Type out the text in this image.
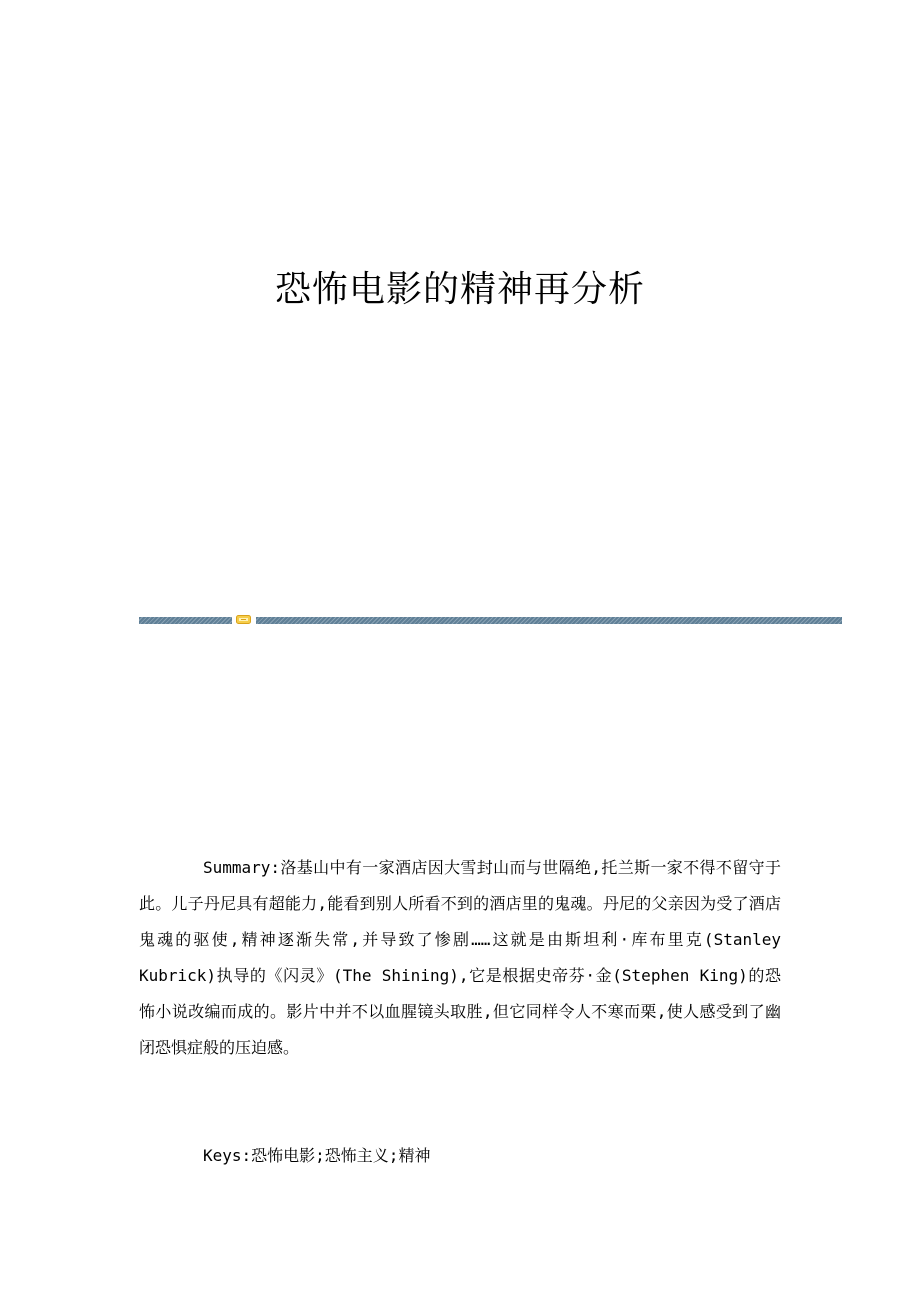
恐怖电影的精神再分析

Summary:洛基山中有一家酒店因大雪封山而与世隔绝,托兰斯一家不得不留守于此。儿子丹尼具有超能力,能看到别人所看不到的酒店里的鬼魂。丹尼的父亲因为受了酒店鬼魂的驱使,精神逐渐失常,并导致了惨剧……这就是由斯坦利·库布里克(Stanley Kubrick)执导的《闪灵》(The Shining),它是根据史帝芬·金(Stephen King)的恐怖小说改编而成的。影片中并不以血腥镜头取胜,但它同样令人不寒而栗,使人感受到了幽闭恐惧症般的压迫感。

Keys:恐怖电影;恐怖主义;精神
